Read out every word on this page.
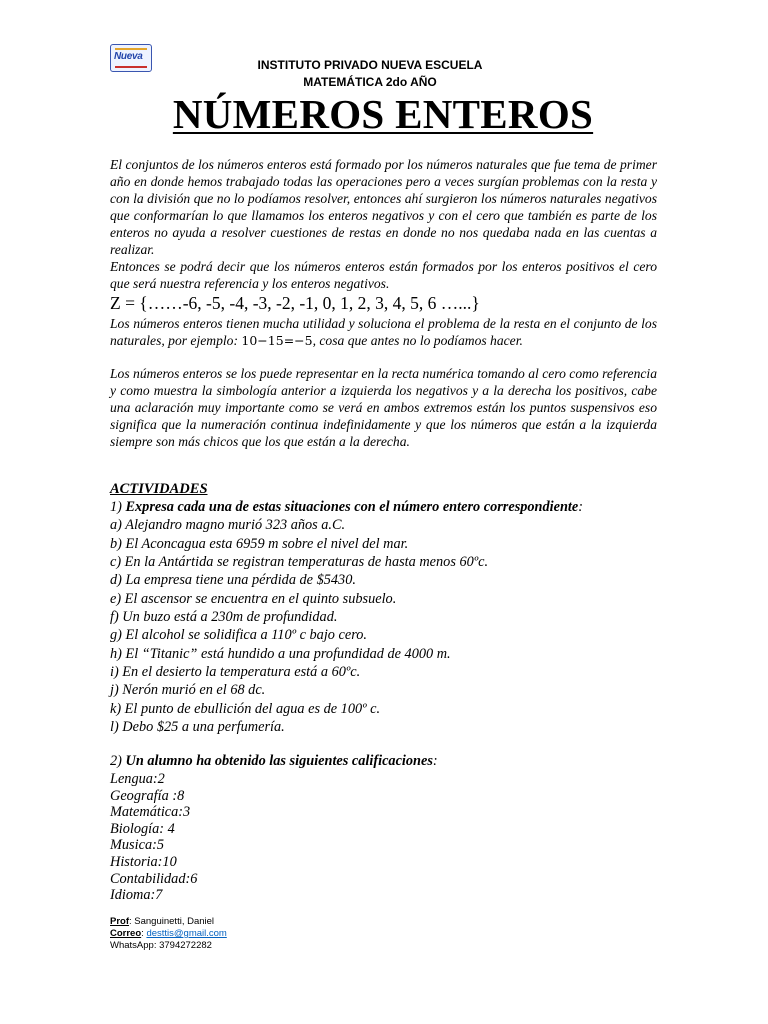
Nueva
INSTITUTO PRIVADO NUEVA ESCUELA
MATEMÁTICA 2do AÑO
NÚMEROS ENTEROS
El conjuntos de los números enteros está formado por los números naturales que fue tema de primer año en donde hemos trabajado todas las operaciones pero a veces surgían problemas con la resta y con la división que no lo podíamos resolver, entonces ahí surgieron los números naturales negativos que conformarían lo que llamamos los enteros negativos y con el cero que también es parte de los enteros no ayuda a resolver cuestiones de restas en donde no nos quedaba nada en las cuentas a realizar.
Entonces se podrá decir que los números enteros están formados por los enteros positivos el cero que será nuestra referencia y los enteros negativos.
Z = {……-6, -5, -4, -3, -2, -1, 0, 1, 2, 3, 4, 5, 6 …...}
Los números enteros tienen mucha utilidad y soluciona el problema de la resta en el conjunto de los naturales, por ejemplo: 10−15=−5, cosa que antes no lo podíamos hacer.
Los números enteros se los puede representar en la recta numérica tomando al cero como referencia y como muestra la simbología anterior a izquierda los negativos y a la derecha los positivos, cabe una aclaración muy importante como se verá en ambos extremos están los puntos suspensivos eso significa que la numeración continua indefinidamente y que los números que están a la izquierda siempre son más chicos que los que están a la derecha.
ACTIVIDADES
1) Expresa cada una de estas situaciones con el número entero correspondiente:
a) Alejandro magno murió 323 años a.C.
b) El Aconcagua esta 6959 m sobre el nivel del mar.
c) En la Antártida se registran temperaturas de hasta menos 60ºc.
d) La empresa tiene una pérdida de $5430.
e) El ascensor se encuentra en el quinto subsuelo.
f) Un buzo está a 230m de profundidad.
g) El alcohol se solidifica a 110º c bajo cero.
h) El “Titanic” está hundido a una profundidad de 4000 m.
i) En el desierto la temperatura está a 60ºc.
j) Nerón murió en el 68 dc.
k) El punto de ebullición del agua es de 100º c.
l) Debo $25 a una perfumería.
2) Un alumno ha obtenido las siguientes calificaciones:
Lengua:2
Geografía :8
Matemática:3
Biología: 4
Musica:5
Historia:10
Contabilidad:6
Idioma:7
Prof: Sanguinetti, Daniel
Correo: desttis@gmail.com
WhatsApp: 3794272282
